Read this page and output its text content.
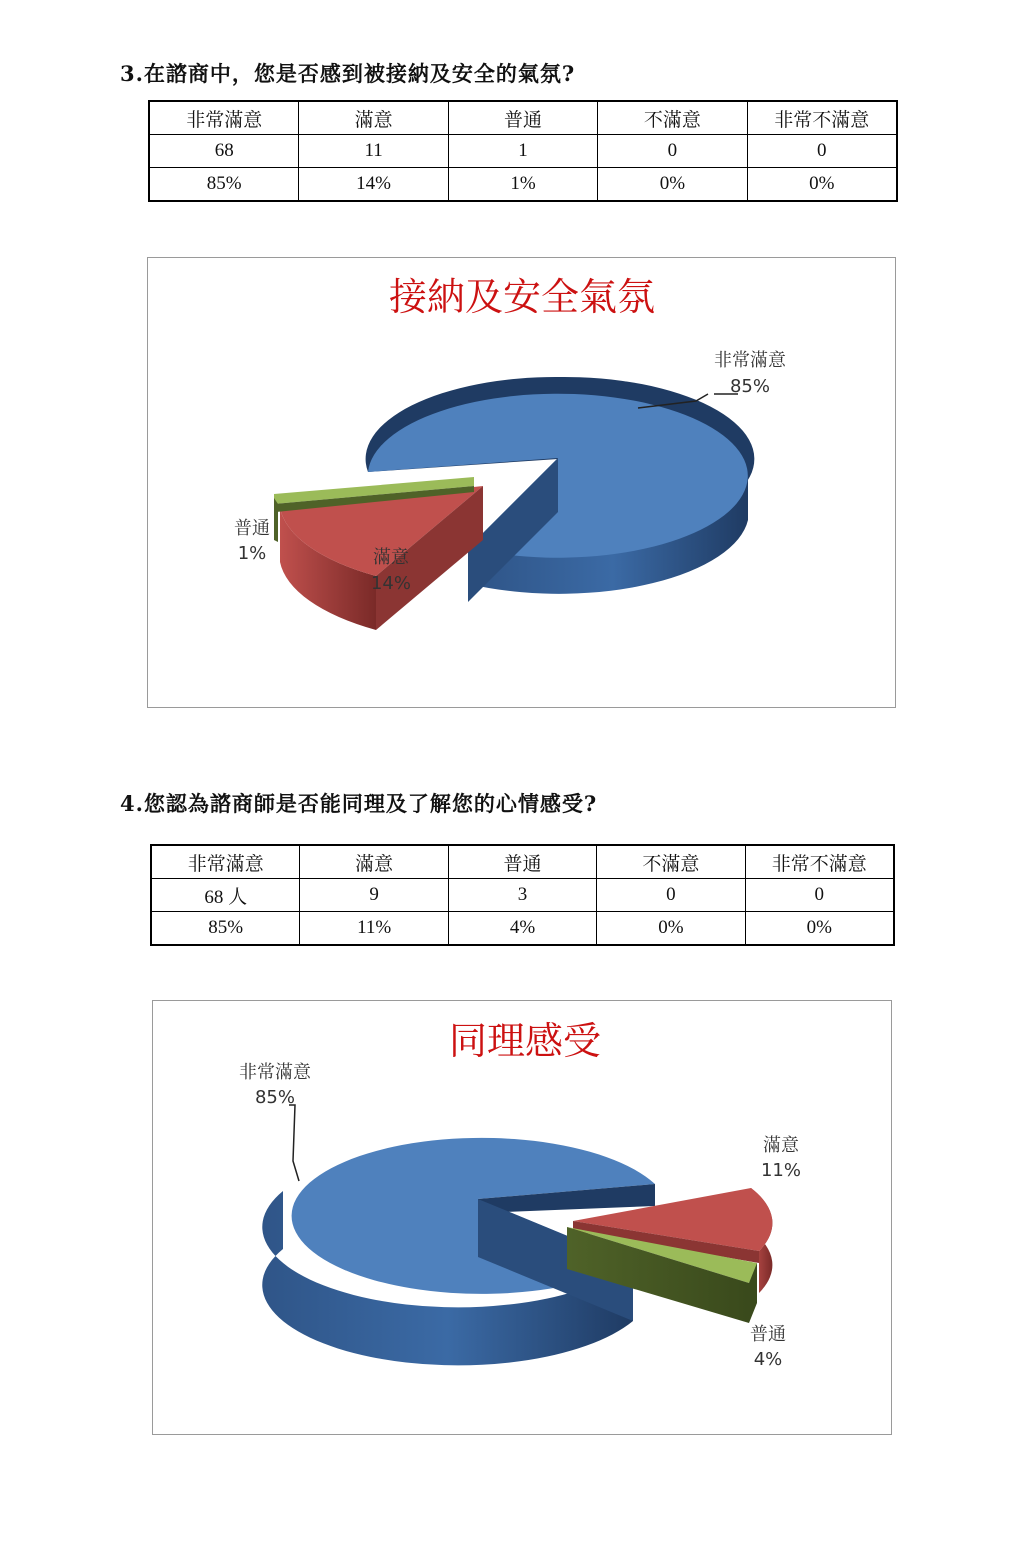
3.在諮商中，您是否感到被接納及安全的氣氛?
非常滿意	滿意	普通	不滿意	非常不滿意
68	11	1	0	0
85%	14%	1%	0%	0%
接納及安全氣氛
非常滿意
85%
滿意
14%
普通
1%
4.您認為諮商師是否能同理及了解您的心情感受?
非常滿意	滿意	普通	不滿意	非常不滿意
68 人	9	3	0	0
85%	11%	4%	0%	0%
同理感受
非常滿意
85%
滿意
11%
普通
4%
